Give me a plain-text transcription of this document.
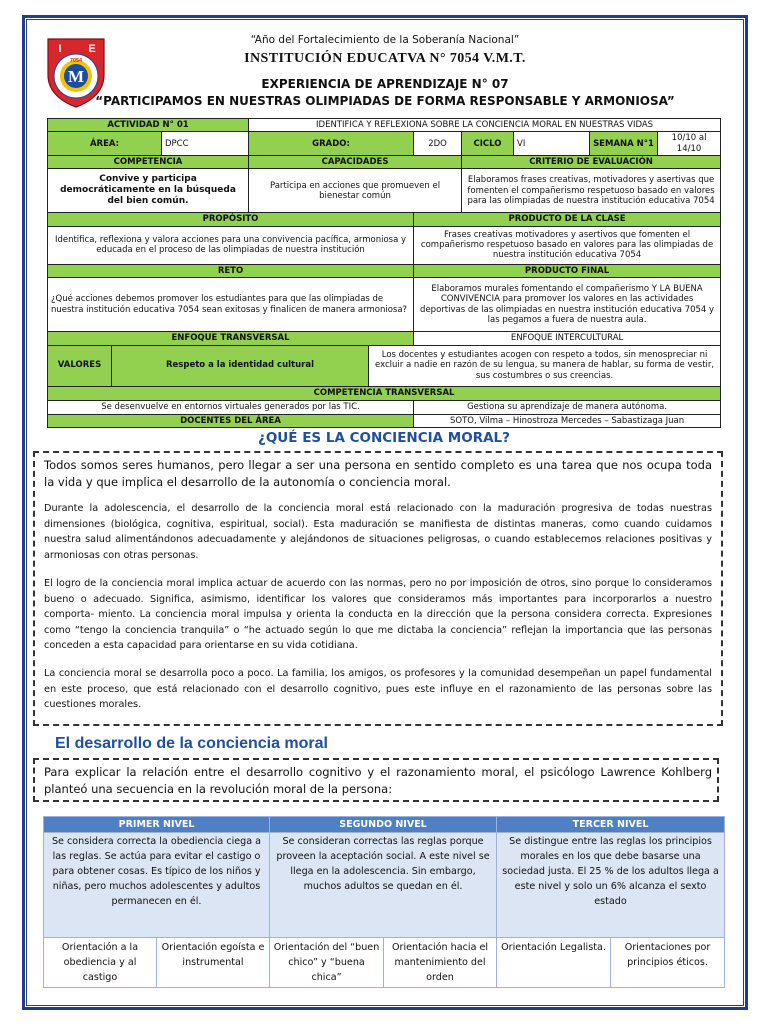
M
I E
7054
“Año del Fortalecimiento de la Soberanía Nacional”
INSTITUCIÓN EDUCATVA N° 7054 V.M.T.
EXPERIENCIA DE APRENDIZAJE N° 07
“PARTICIPAMOS EN NUESTRAS OLIMPIADAS DE FORMA RESPONSABLE Y ARMONIOSA”
ACTIVIDAD N° 01			IDENTIFICA Y REFLEXIONA SOBRE LA CONCIENCIA MORAL EN NUESTRAS VIDAS						
ÁREA:		DPCC	GRADO:		2DO	CICLO	VI	SEMANA N°1	10/10 al 14/10
COMPETENCIA			CAPACIDADES			CRITERIO DE EVALUACIÓN			
Convive y participa democráticamente en la búsqueda del bien común.			Participa en acciones que promueven el bienestar común			Elaboramos frases creativas, motivadores y asertivas que fomenten el compañerismo respetuoso basado en valores para las olimpiadas de nuestra institución educativa 7054			
PROPÓSITO					PRODUCTO DE LA CLASE				
Identifica, reflexiona y valora acciones para una convivencia pacífica, armoniosa y educada en el proceso de las olimpiadas de nuestra institución					Frases creativas motivadores y asertivos que fomenten el compañerismo respetuoso basado en valores para las olimpiadas de nuestra institución educativa 7054				
RETO					PRODUCTO FINAL				
¿Qué acciones debemos promover los estudiantes para que las olimpiadas de nuestra institución educativa 7054 sean exitosas y finalicen de manera armoniosa?					Elaboramos murales fomentando el compañerismo Y LA BUENA CONVIVENCIA para promover los valores en las actividades deportivas de las olimpiadas en nuestra institución educativa 7054 y las pegamos a fuera de nuestra aula.				
ENFOQUE TRANSVERSAL					ENFOQUE INTERCULTURAL				
VALORES	Respeto a la identidad cultural			Los docentes y estudiantes acogen con respeto a todos, sin menospreciar ni excluir a nadie en razón de su lengua, su manera de hablar, su forma de vestir, sus costumbres o sus creencias.					
COMPETENCIA TRANSVERSAL									
Se desenvuelve en entornos virtuales generados por las TIC.					Gestiona su aprendizaje de manera autónoma.				
DOCENTES DEL ÁREA					SOTO, Vilma – Hinostroza Mercedes – Sabastizaga Juan				
¿QUÉ ES LA CONCIENCIA MORAL?
Todos somos seres humanos, pero llegar a ser una persona en sentido completo es una tarea que nos ocupa toda la vida y que implica el desarrollo de la autonomía o conciencia moral.
Durante la adolescencia, el desarrollo de la conciencia moral está relacionado con la maduración progresiva de todas nuestras dimensiones (biológica, cognitiva, espiritual, social). Esta maduración se manifiesta de distintas maneras, como cuando cuidamos nuestra salud alimentándonos adecuadamente y alejándonos de situaciones peligrosas, o cuando establecemos relaciones positivas y armoniosas con otras personas.
El logro de la conciencia moral implica actuar de acuerdo con las normas, pero no por imposición de otros, sino porque lo consideramos bueno o adecuado. Significa, asimismo, identificar los valores que consideramos más importantes para incorporarlos a nuestro comporta- miento. La conciencia moral impulsa y orienta la conducta en la dirección que la persona considera correcta. Expresiones como “tengo la conciencia tranquila” o “he actuado según lo que me dictaba la conciencia” reflejan la importancia que las personas conceden a esta capacidad para orientarse en su vida cotidiana.
La conciencia moral se desarrolla poco a poco. La familia, los amigos, os profesores y la comunidad desempeñan un papel fundamental en este proceso, que está relacionado con el desarrollo cognitivo, pues este influye en el razonamiento de las personas sobre las cuestiones morales.
El desarrollo de la conciencia moral
Para explicar la relación entre el desarrollo cognitivo y el razonamiento moral, el psicólogo Lawrence Kohlberg planteó una secuencia en la revolución moral de la persona:
PRIMER NIVEL		SEGUNDO NIVEL		TERCER NIVEL	
Se considera correcta la obediencia ciega a las reglas. Se actúa para evitar el castigo o para obtener cosas. Es típico de los niños y niñas, pero muchos adolescentes y adultos permanecen en él.		Se consideran correctas las reglas porque proveen la aceptación social. A este nivel se llega en la adolescencia. Sin embargo, muchos adultos se quedan en él.		Se distingue entre las reglas los principios morales en los que debe basarse una sociedad justa. El 25 % de los adultos llega a este nivel y solo un 6% alcanza el sexto estado	
Orientación a la obediencia y al castigo	Orientación egoísta e instrumental	Orientación del “buen chico” y “buena chica”	Orientación hacia el mantenimiento del orden	Orientación Legalista.	Orientaciones por principios éticos.
